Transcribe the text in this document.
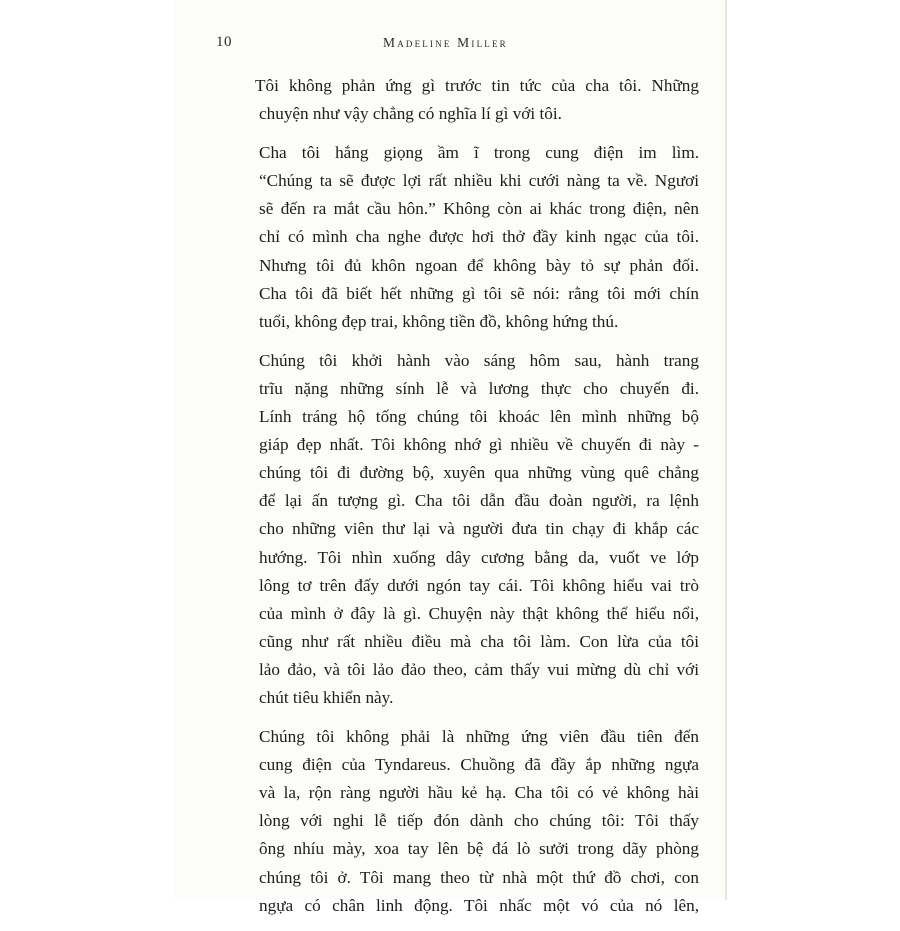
10	Madeline Miller

Tôi không phản ứng gì trước tin tức của cha tôi. Những
chuyện như vậy chẳng có nghĩa lí gì với tôi.

Cha tôi hắng giọng ầm ĩ trong cung điện im lìm.
“Chúng ta sẽ được lợi rất nhiều khi cưới nàng ta về. Ngươi
sẽ đến ra mắt cầu hôn.” Không còn ai khác trong điện, nên
chỉ có mình cha nghe được hơi thở đầy kinh ngạc của tôi.
Nhưng tôi đủ khôn ngoan để không bày tỏ sự phản đối.
Cha tôi đã biết hết những gì tôi sẽ nói: rằng tôi mới chín
tuổi, không đẹp trai, không tiền đồ, không hứng thú.

Chúng tôi khởi hành vào sáng hôm sau, hành trang
trĩu nặng những sính lễ và lương thực cho chuyến đi.
Lính tráng hộ tống chúng tôi khoác lên mình những bộ
giáp đẹp nhất. Tôi không nhớ gì nhiều về chuyến đi này -
chúng tôi đi đường bộ, xuyên qua những vùng quê chẳng
để lại ấn tượng gì. Cha tôi dẫn đầu đoàn người, ra lệnh
cho những viên thư lại và người đưa tin chạy đi khắp các
hướng. Tôi nhìn xuống dây cương bằng da, vuốt ve lớp
lông tơ trên đấy dưới ngón tay cái. Tôi không hiểu vai trò
của mình ở đây là gì. Chuyện này thật không thể hiểu nổi,
cũng như rất nhiều điều mà cha tôi làm. Con lừa của tôi
lảo đảo, và tôi lảo đảo theo, cảm thấy vui mừng dù chỉ với
chút tiêu khiển này.

Chúng tôi không phải là những ứng viên đầu tiên đến
cung điện của Tyndareus. Chuồng đã đầy ắp những ngựa
và la, rộn ràng người hầu kẻ hạ. Cha tôi có vẻ không hài
lòng với nghi lễ tiếp đón dành cho chúng tôi: Tôi thấy
ông nhíu mày, xoa tay lên bệ đá lò sưởi trong dãy phòng
chúng tôi ở. Tôi mang theo từ nhà một thứ đồ chơi, con
ngựa có chân linh động. Tôi nhấc một vó của nó lên,
